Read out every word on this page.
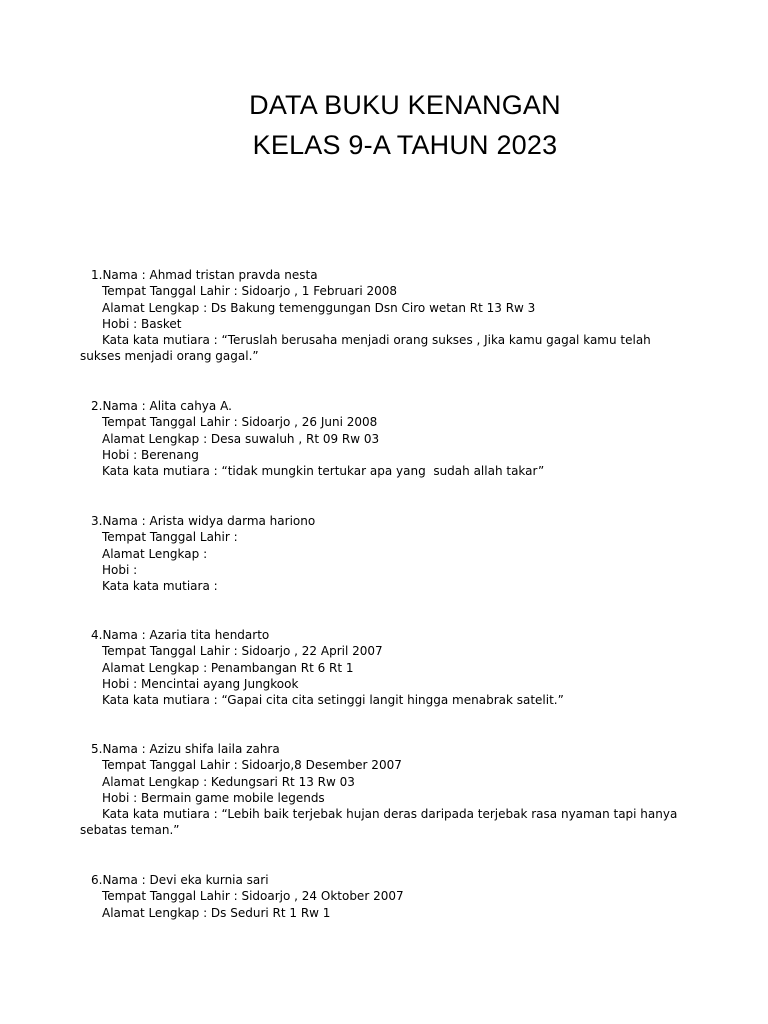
DATA BUKU KENANGAN
KELAS 9-A TAHUN 2023
1.Nama : Ahmad tristan pravda nesta
Tempat Tanggal Lahir : Sidoarjo , 1 Februari 2008
Alamat Lengkap : Ds Bakung temenggungan Dsn Ciro wetan Rt 13 Rw 3
Hobi : Basket
Kata kata mutiara : “Teruslah berusaha menjadi orang sukses , Jika kamu gagal kamu telah sukses menjadi orang gagal.”
2.Nama : Alita cahya A.
Tempat Tanggal Lahir : Sidoarjo , 26 Juni 2008
Alamat Lengkap : Desa suwaluh , Rt 09 Rw 03
Hobi : Berenang
Kata kata mutiara : “tidak mungkin tertukar apa yang  sudah allah takar”
3.Nama : Arista widya darma hariono
Tempat Tanggal Lahir :
Alamat Lengkap :
Hobi :
Kata kata mutiara :
4.Nama : Azaria tita hendarto
Tempat Tanggal Lahir : Sidoarjo , 22 April 2007
Alamat Lengkap : Penambangan Rt 6 Rt 1
Hobi : Mencintai ayang Jungkook
Kata kata mutiara : “Gapai cita cita setinggi langit hingga menabrak satelit.”
5.Nama : Azizu shifa laila zahra
Tempat Tanggal Lahir : Sidoarjo,8 Desember 2007
Alamat Lengkap : Kedungsari Rt 13 Rw 03
Hobi : Bermain game mobile legends
Kata kata mutiara : “Lebih baik terjebak hujan deras daripada terjebak rasa nyaman tapi hanya sebatas teman.”
6.Nama : Devi eka kurnia sari
Tempat Tanggal Lahir : Sidoarjo , 24 Oktober 2007
Alamat Lengkap : Ds Seduri Rt 1 Rw 1
